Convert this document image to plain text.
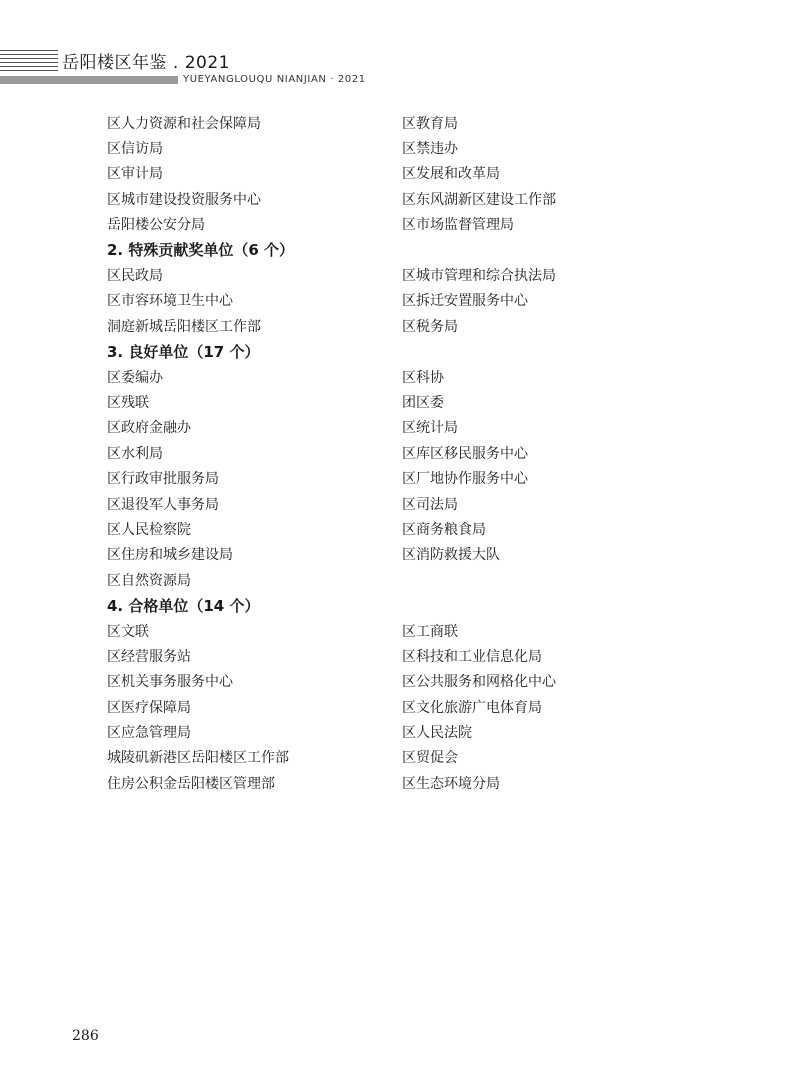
岳阳楼区年鉴 . 2021
YUEYANGLOUQU NIANJIAN · 2021
区人力资源和社会保障局	区教育局
区信访局	区禁违办
区审计局	区发展和改革局
区城市建设投资服务中心	区东风湖新区建设工作部
岳阳楼公安分局	区市场监督管理局
2. 特殊贡献奖单位（6 个）
区民政局	区城市管理和综合执法局
区市容环境卫生中心	区拆迁安置服务中心
洞庭新城岳阳楼区工作部	区税务局
3. 良好单位（17 个）
区委编办	区科协
区残联	团区委
区政府金融办	区统计局
区水利局	区库区移民服务中心
区行政审批服务局	区厂地协作服务中心
区退役军人事务局	区司法局
区人民检察院	区商务粮食局
区住房和城乡建设局	区消防救援大队
区自然资源局
4. 合格单位（14 个）
区文联	区工商联
区经营服务站	区科技和工业信息化局
区机关事务服务中心	区公共服务和网格化中心
区医疗保障局	区文化旅游广电体育局
区应急管理局	区人民法院
城陵矶新港区岳阳楼区工作部	区贸促会
住房公积金岳阳楼区管理部	区生态环境分局
286
